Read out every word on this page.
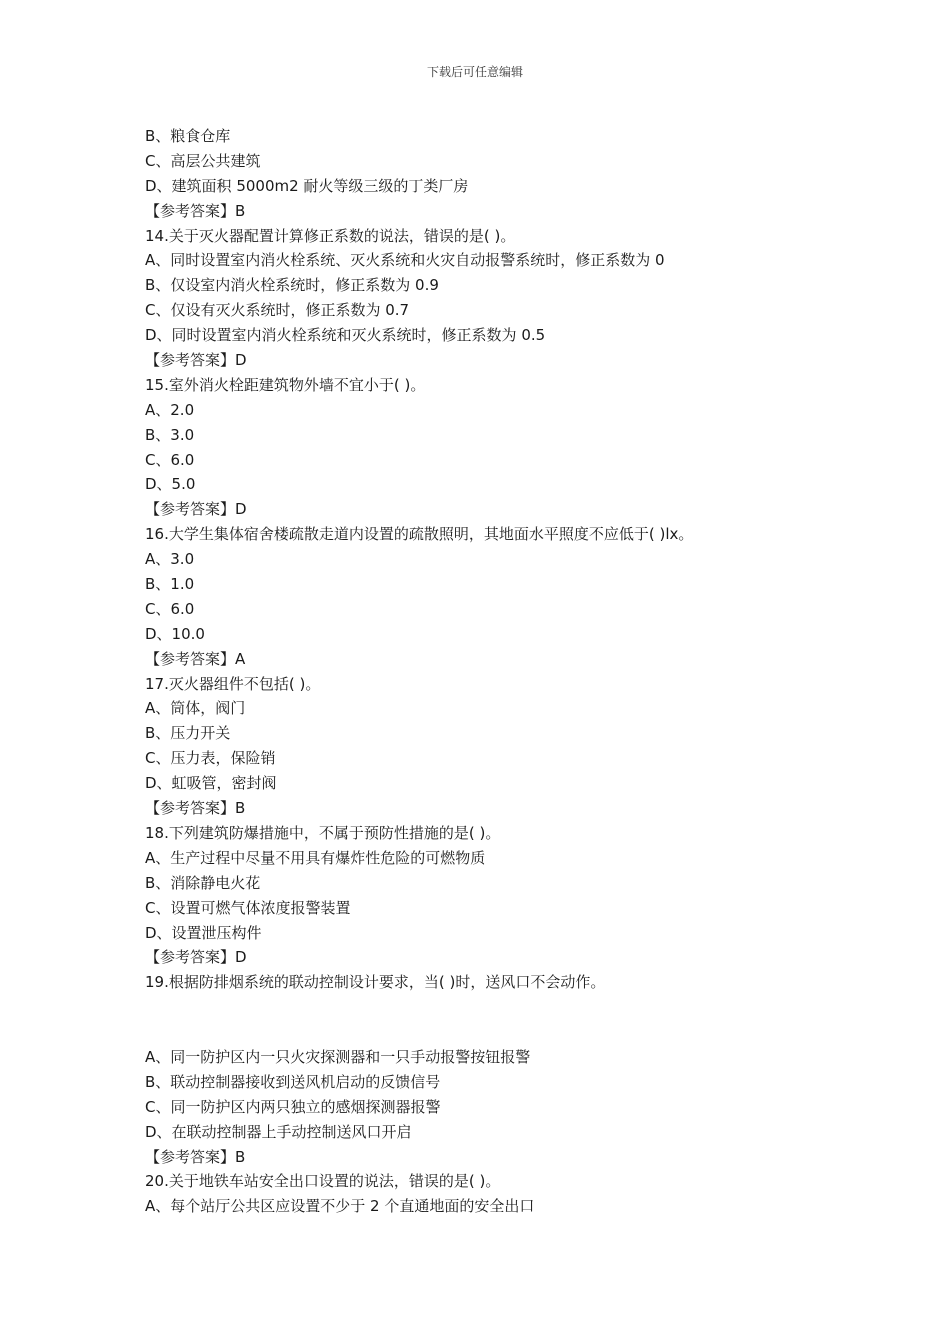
下载后可任意编辑
B、粮食仓库
C、高层公共建筑
D、建筑面积 5000m2 耐火等级三级的丁类厂房
【参考答案】B
14.关于灭火器配置计算修正系数的说法，错误的是( )。
A、同时设置室内消火栓系统、灭火系统和火灾自动报警系统时，修正系数为 0
B、仅设室内消火栓系统时，修正系数为 0.9
C、仅设有灭火系统时，修正系数为 0.7
D、同时设置室内消火栓系统和灭火系统时，修正系数为 0.5
【参考答案】D
15.室外消火栓距建筑物外墙不宜小于( )。
A、2.0
B、3.0
C、6.0
D、5.0
【参考答案】D
16.大学生集体宿舍楼疏散走道内设置的疏散照明，其地面水平照度不应低于( )lx。
A、3.0
B、1.0
C、6.0
D、10.0
【参考答案】A
17.灭火器组件不包括( )。
A、筒体，阀门
B、压力开关
C、压力表，保险销
D、虹吸管，密封阀
【参考答案】B
18.下列建筑防爆措施中，不属于预防性措施的是( )。
A、生产过程中尽量不用具有爆炸性危险的可燃物质
B、消除静电火花
C、设置可燃气体浓度报警装置
D、设置泄压构件
【参考答案】D
19.根据防排烟系统的联动控制设计要求，当( )时，送风口不会动作。
A、同一防护区内一只火灾探测器和一只手动报警按钮报警
B、联动控制器接收到送风机启动的反馈信号
C、同一防护区内两只独立的感烟探测器报警
D、在联动控制器上手动控制送风口开启
【参考答案】B
20.关于地铁车站安全出口设置的说法，错误的是( )。
A、每个站厅公共区应设置不少于 2 个直通地面的安全出口
